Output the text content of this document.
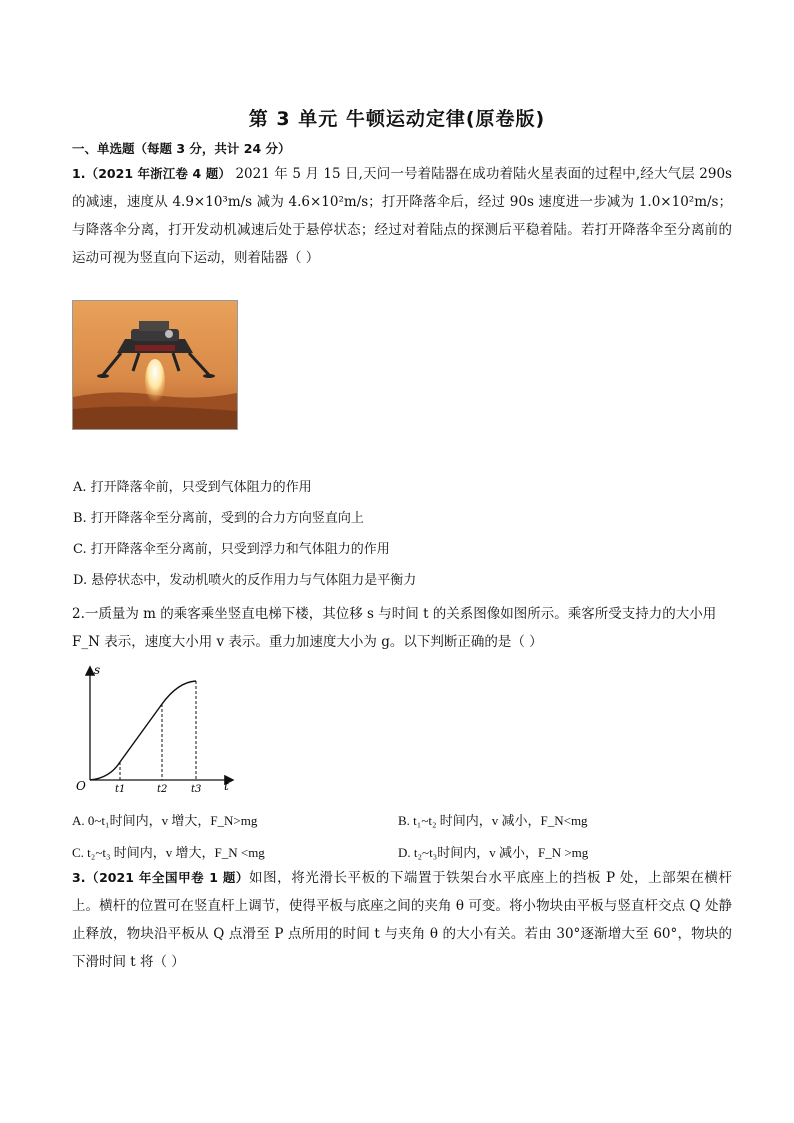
第 3 单元 牛顿运动定律(原卷版)
一、单选题（每题 3 分，共计 24 分）
1.（2021 年浙江卷 4 题） 2021 年 5 月 15 日,天问一号着陆器在成功着陆火星表面的过程中,经大气层 290s 的减速，速度从 4.9×10³m/s 减为 4.6×10²m/s；打开降落伞后，经过 90s 速度进一步减为 1.0×10²m/s；与降落伞分离，打开发动机减速后处于悬停状态；经过对着陆点的探测后平稳着陆。若打开降落伞至分离前的运动可视为竖直向下运动，则着陆器（ ）
A. 打开降落伞前，只受到气体阻力的作用
B. 打开降落伞至分离前，受到的合力方向竖直向上
C. 打开降落伞至分离前，只受到浮力和气体阻力的作用
D. 悬停状态中，发动机喷火的反作用力与气体阻力是平衡力
2.一质量为 m 的乘客乘坐竖直电梯下楼，其位移 s 与时间 t 的关系图像如图所示。乘客所受支持力的大小用 F_N 表示，速度大小用 v 表示。重力加速度大小为 g。以下判断正确的是（ ）
s
t
O	t1	t2 t3
A. 0~t₁时间内，v 增大，F_N>mg	B. t₁~t₂ 时间内，v 减小，F_N<mg
C. t₂~t₃ 时间内，v 增大，F_N <mg	D. t₂~t₃时间内，v 减小，F_N >mg
3.（2021 年全国甲卷 1 题）如图，将光滑长平板的下端置于铁架台水平底座上的挡板 P 处，上部架在横杆上。横杆的位置可在竖直杆上调节，使得平板与底座之间的夹角 θ 可变。将小物块由平板与竖直杆交点 Q 处静止释放，物块沿平板从 Q 点滑至 P 点所用的时间 t 与夹角 θ 的大小有关。若由 30°逐渐增大至 60°，物块的下滑时间 t 将（ ）
